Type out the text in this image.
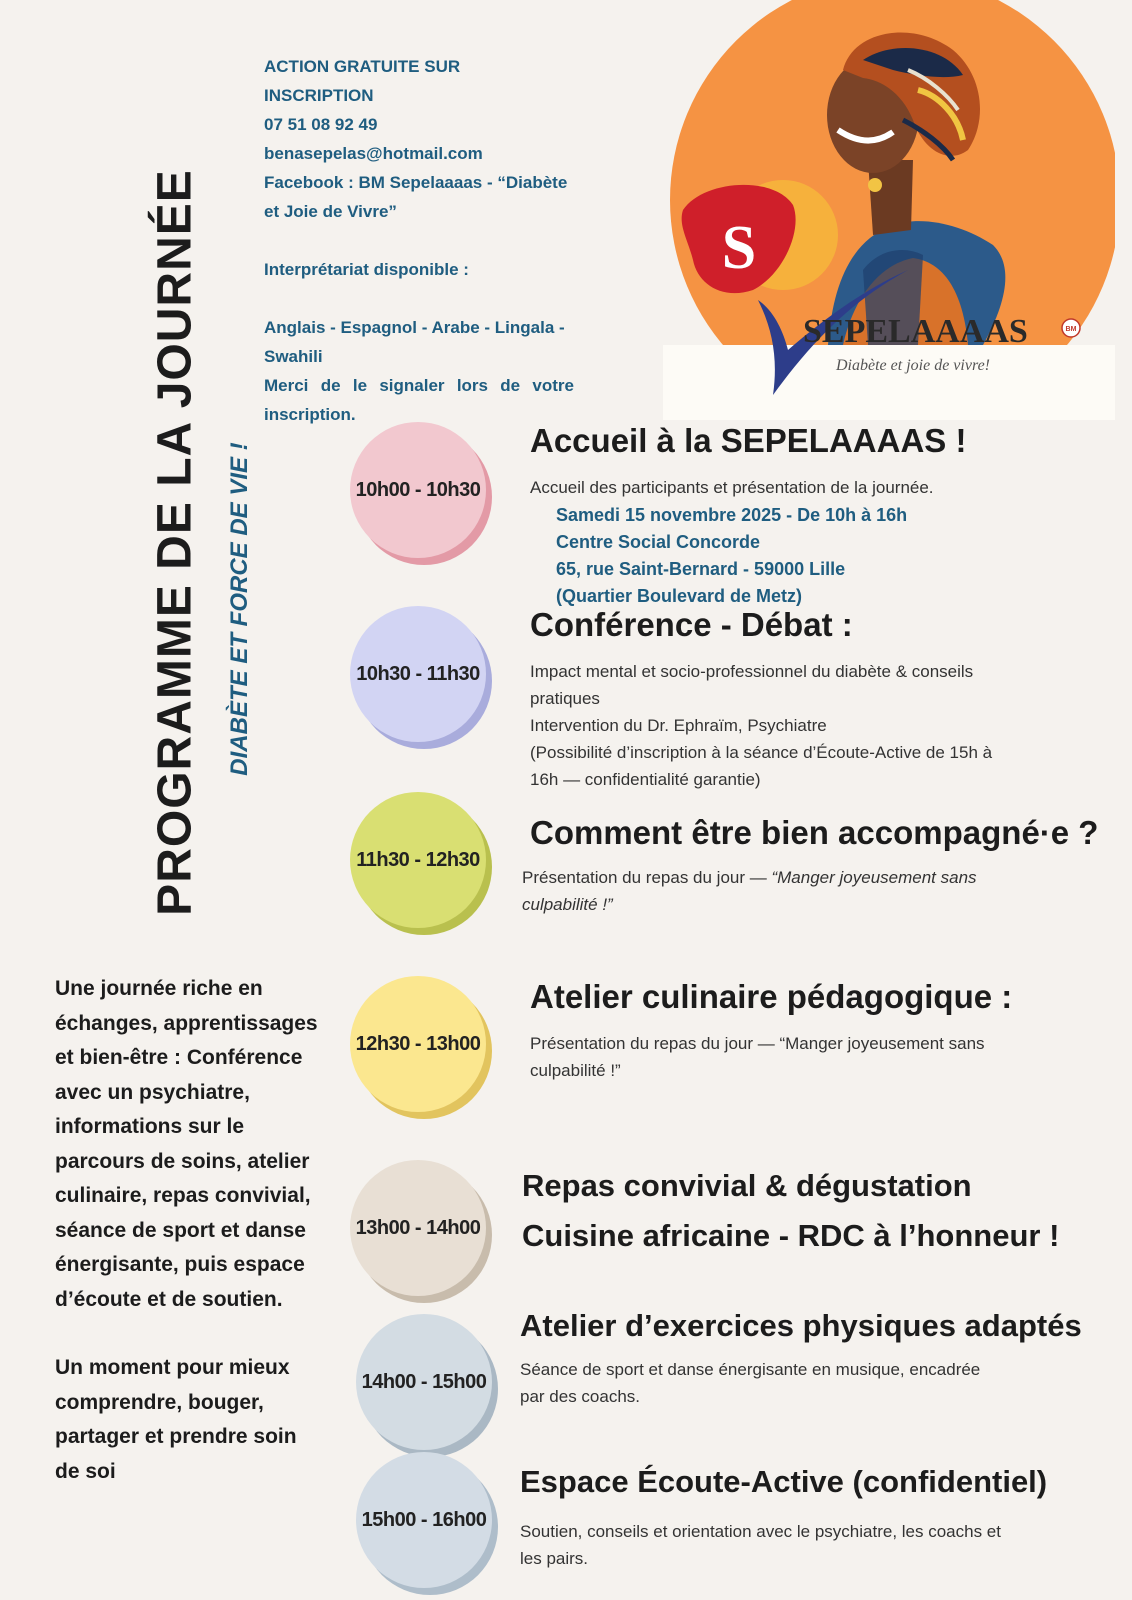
PROGRAMME DE LA JOURNÉE DIABÈTE ET FORCE DE VIE !

ACTION GRATUITE SUR INSCRIPTION

07 51 08 92 49

benasepelas@hotmail.com

Facebook : BM Sepelaaaas - “Diabète et Joie de Vivre”

Interprétariat disponible :

Anglais - Espagnol - Arabe - Lingala - Swahili

Merci de le signaler lors de votre inscription.

S
SEPELAAAAS	BM
Diabète et joie de vivre!
10h00 - 10h30
10h30 - 11h30
11h30 - 12h30
12h30 - 13h00
13h00 - 14h00
14h00 - 15h00
15h00 - 16h00
Accueil à la SEPELAAAAS !
Accueil des participants et présentation de la journée.

Samedi 15 novembre 2025 - De 10h à 16h

Centre Social Concorde

65, rue Saint-Bernard - 59000 Lille

(Quartier Boulevard de Metz)

Conférence - Débat :
Impact mental et socio-professionnel du diabète & conseils pratiques
Intervention du Dr. Ephraïm, Psychiatre
(Possibilité d’inscription à la séance d’Écoute-Active de 15h à 16h — confidentialité garantie)
Comment être bien accompagné·e ?
Présentation du repas du jour — “Manger joyeusement sans culpabilité !”
Atelier culinaire pédagogique :
Présentation du repas du jour — “Manger joyeusement sans culpabilité !”
Repas convivial & dégustation
Cuisine africaine - RDC à l’honneur !
Atelier d’exercices physiques adaptés
Séance de sport et danse énergisante en musique, encadrée par des coachs.
Espace Écoute-Active (confidentiel)
Soutien, conseils et orientation avec le psychiatre, les coachs et les pairs.

Une journée riche en échanges, apprentissages et bien-être : Conférence avec un psychiatre, informations sur le parcours de soins, atelier culinaire, repas convivial, séance de sport et danse énergisante, puis espace d’écoute et de soutien.

Un moment pour mieux comprendre, bouger, partager et prendre soin de soi
